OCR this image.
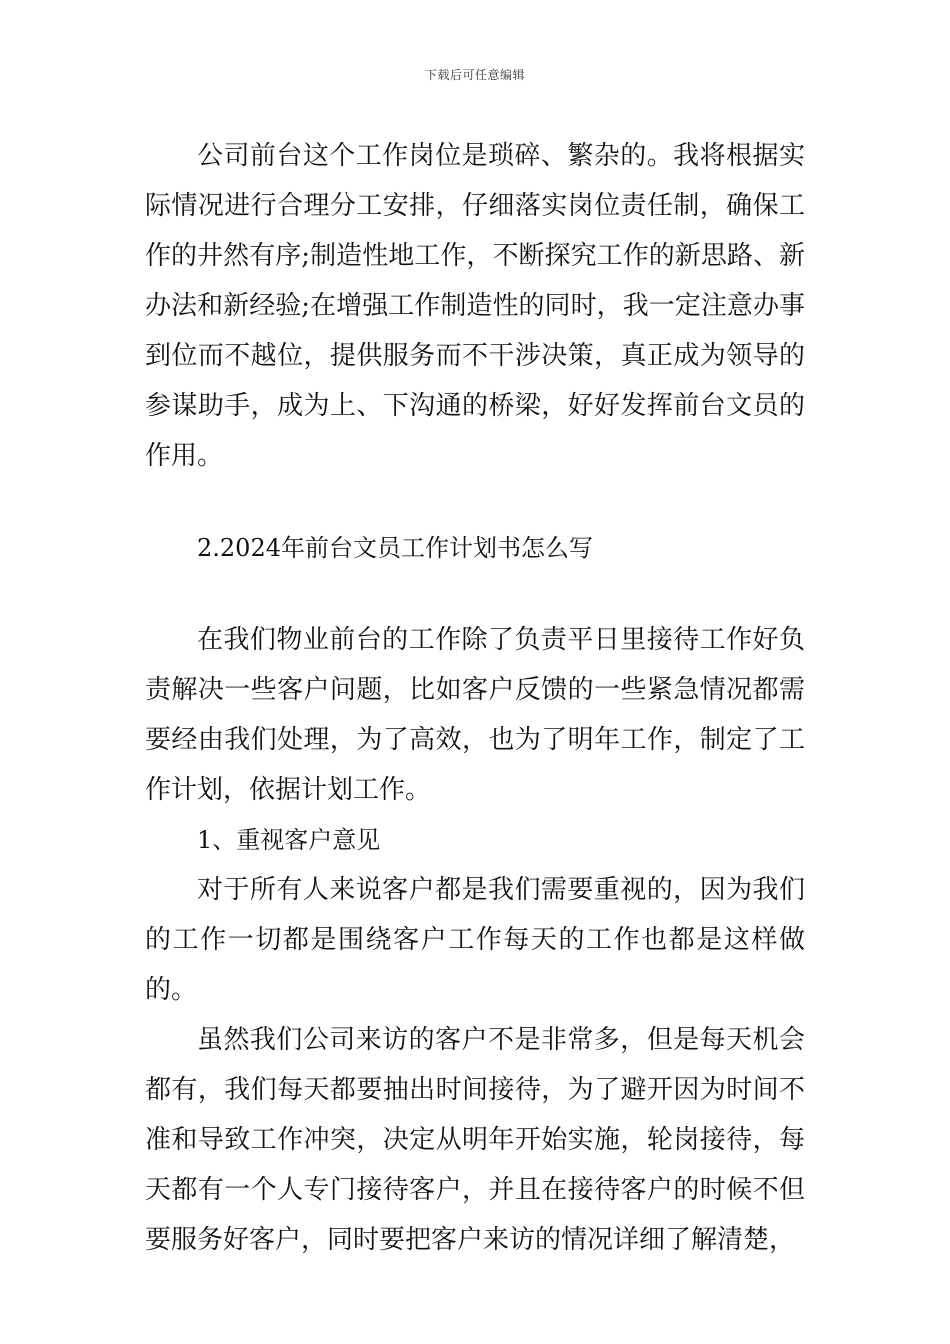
下载后可任意编辑

公司前台这个工作岗位是琐碎、繁杂的。我将根据实际情况进行合理分工安排，仔细落实岗位责任制，确保工作的井然有序;制造性地工作，不断探究工作的新思路、新办法和新经验;在增强工作制造性的同时，我一定注意办事到位而不越位，提供服务而不干涉决策，真正成为领导的参谋助手，成为上、下沟通的桥梁，好好发挥前台文员的作用。

2.2024年前台文员工作计划书怎么写

在我们物业前台的工作除了负责平日里接待工作好负责解决一些客户问题，比如客户反馈的一些紧急情况都需要经由我们处理，为了高效，也为了明年工作，制定了工作计划，依据计划工作。

1、重视客户意见

对于所有人来说客户都是我们需要重视的，因为我们的工作一切都是围绕客户工作每天的工作也都是这样做的。

虽然我们公司来访的客户不是非常多，但是每天机会都有，我们每天都要抽出时间接待，为了避开因为时间不准和导致工作冲突，决定从明年开始实施，轮岗接待，每天都有一个人专门接待客户，并且在接待客户的时候不但要服务好客户，同时要把客户来访的情况详细了解清楚，
